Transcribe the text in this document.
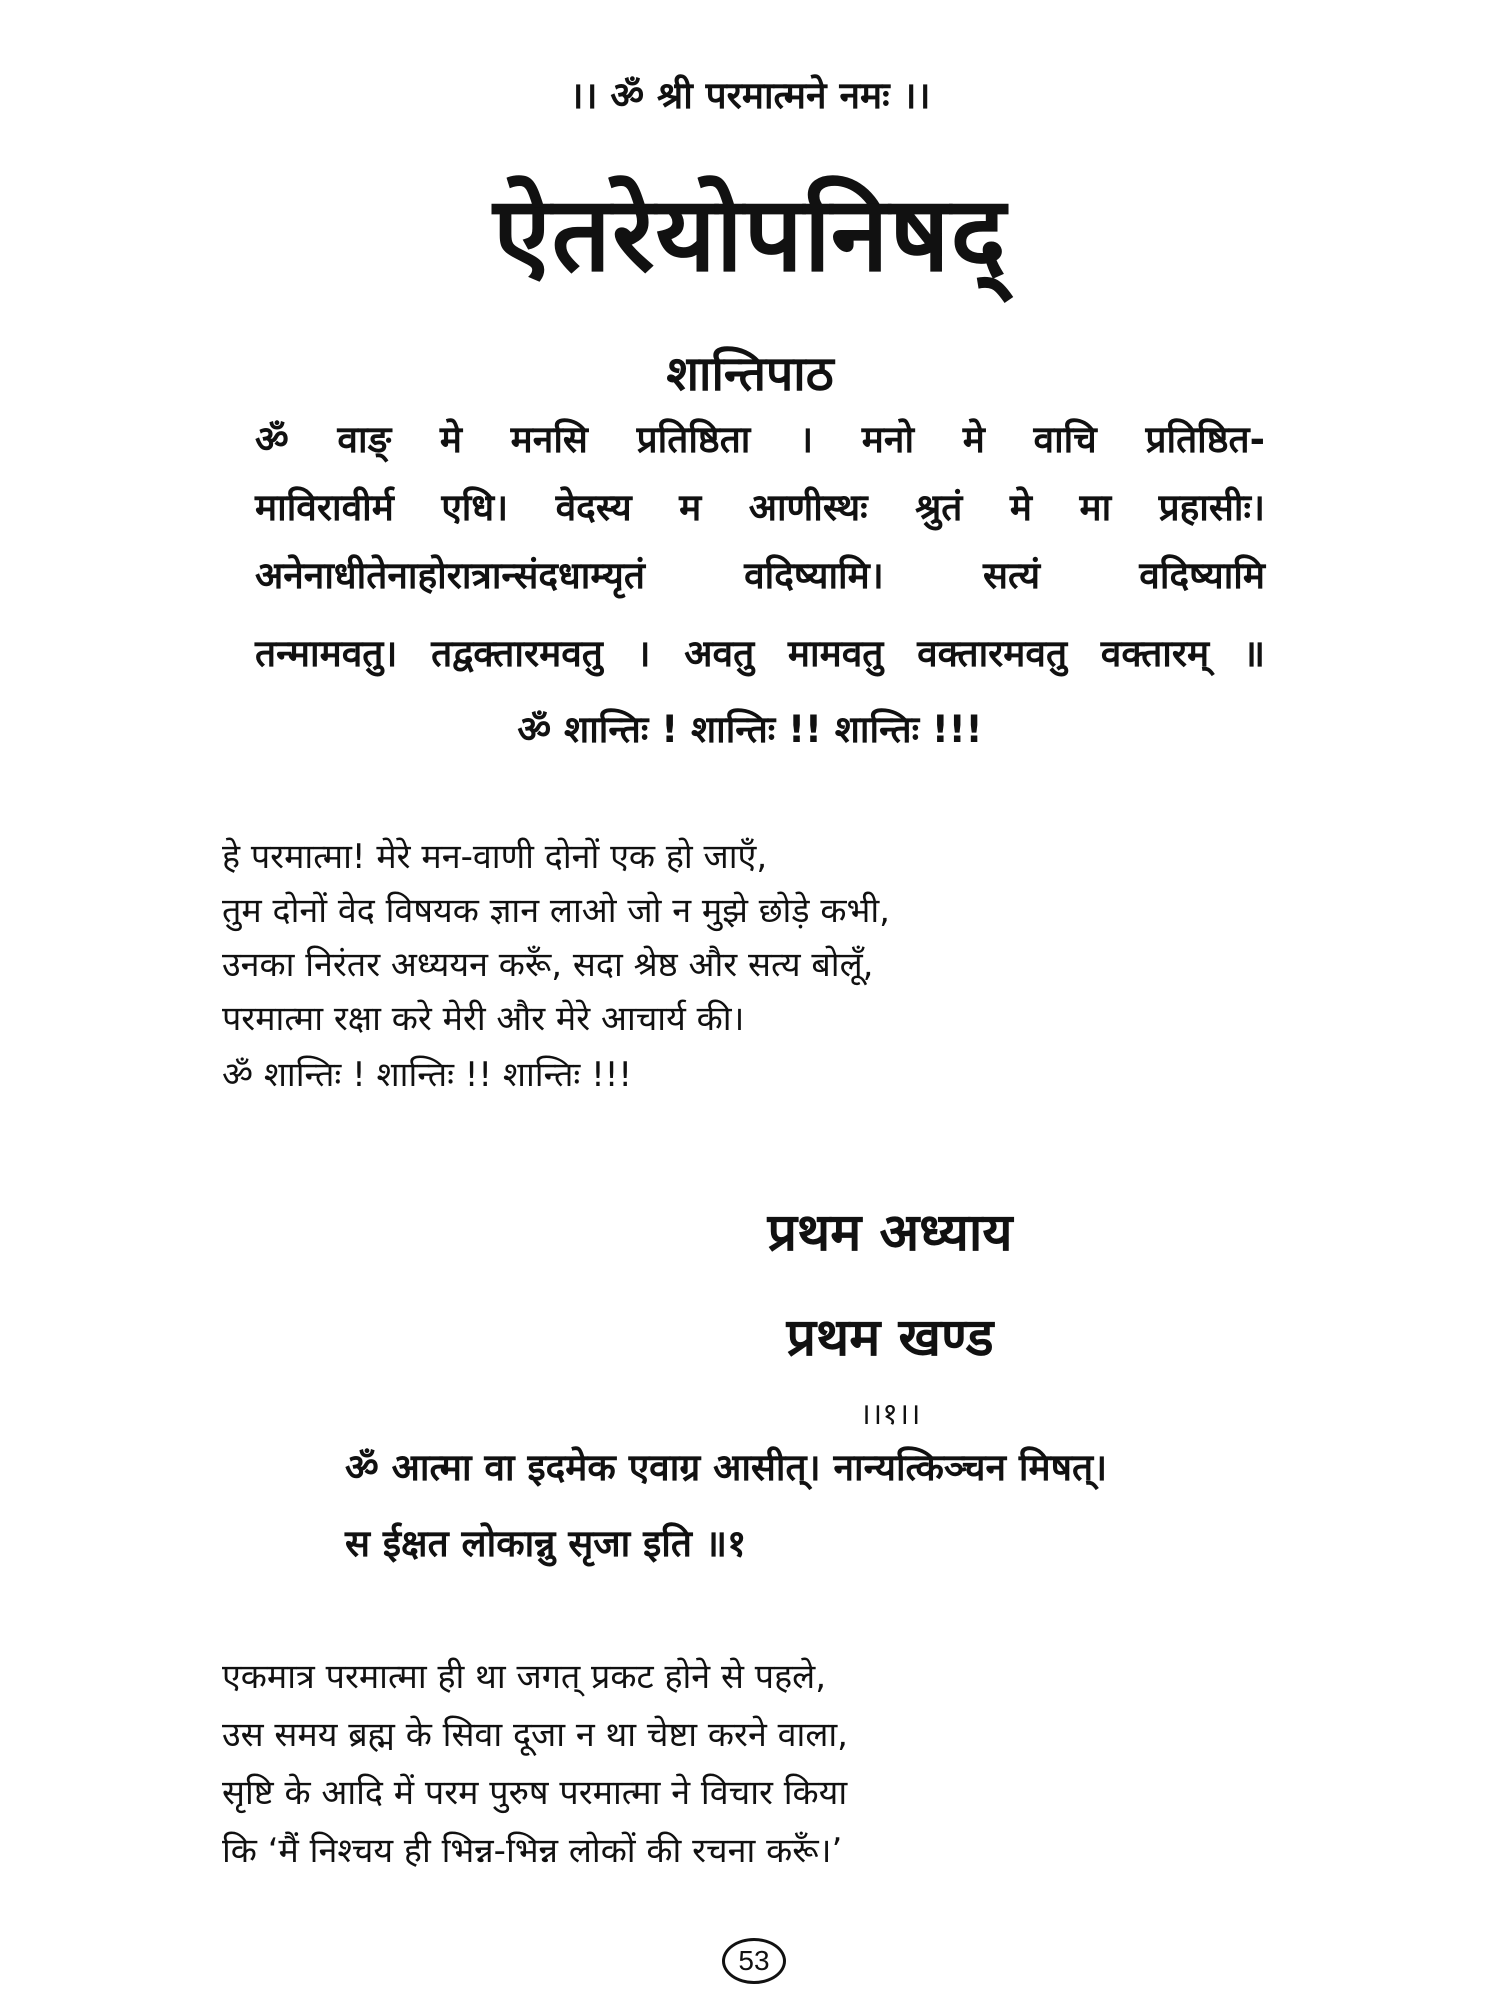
।। ॐ श्री परमात्मने नमः ।।
ऐतरेयोपनिषद्
शान्तिपाठ
ॐ वाङ् मे मनसि प्रतिष्ठिता । मनो मे वाचि प्रतिष्ठित-
माविरावीर्म एधि। वेदस्य म आणीस्थः श्रुतं मे मा प्रहासीः।
अनेनाधीतेनाहोरात्रान्संदधाम्यृतं वदिष्यामि। सत्यं वदिष्यामि
तन्मामवतु। तद्वक्तारमवतु । अवतु मामवतु वक्तारमवतु वक्तारम् ॥
ॐ शान्तिः ! शान्तिः !! शान्तिः !!!
हे परमात्मा! मेरे मन-वाणी दोनों एक हो जाएँ,
तुम दोनों वेद विषयक ज्ञान लाओ जो न मुझे छोड़े कभी,
उनका निरंतर अध्ययन करूँ, सदा श्रेष्ठ और सत्य बोलूँ,
परमात्मा रक्षा करे मेरी और मेरे आचार्य की।
ॐ शान्तिः ! शान्तिः !! शान्तिः !!!
प्रथम अध्याय
प्रथम खण्ड
।।१।।
ॐ आत्मा वा इदमेक एवाग्र आसीत्। नान्यत्किञ्चन मिषत्।
स ईक्षत लोकान्नु सृजा इति ॥१
एकमात्र परमात्मा ही था जगत् प्रकट होने से पहले,
उस समय ब्रह्म के सिवा दूजा न था चेष्टा करने वाला,
सृष्टि के आदि में परम पुरुष परमात्मा ने विचार किया
कि ‘मैं निश्चय ही भिन्न-भिन्न लोकों की रचना करूँ।’
53
